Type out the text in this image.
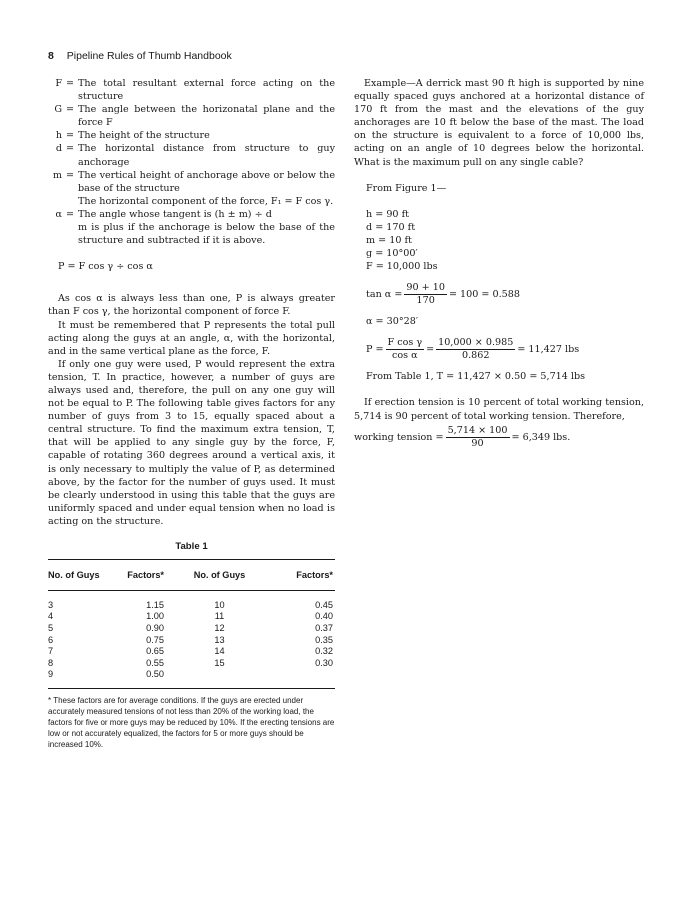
8 Pipeline Rules of Thumb Handbook
F = The total resultant external force acting on the structure
G = The angle between the horizonatal plane and the force F
h = The height of the structure
d = The horizontal distance from structure to guy anchorage
m = The vertical height of anchorage above or below the base of the structure
The horizontal component of the force, F₁ = F cos γ.
α = The angle whose tangent is (h ± m) ÷ d
m is plus if the anchorage is below the base of the structure and subtracted if it is above.
P = F cos γ ÷ cos α

As cos α is always less than one, P is always greater than F cos γ, the horizontal component of force F.

It must be remembered that P represents the total pull acting along the guys at an angle, α, with the horizontal, and in the same vertical plane as the force, F.

If only one guy were used, P would represent the extra tension, T. In practice, however, a number of guys are always used and, therefore, the pull on any one guy will not be equal to P. The following table gives factors for any number of guys from 3 to 15, equally spaced about a central structure. To find the maximum extra tension, T, that will be applied to any single guy by the force, F, capable of rotating 360 degrees around a vertical axis, it is only necessary to multiply the value of P, as determined above, by the factor for the number of guys used. It must be clearly understood in using this table that the guys are uniformly spaced and under equal tension when no load is acting on the structure.

Table 1
No. of Guys	Factors*	No. of Guys	Factors*
3	1.15	10	0.45
4	1.00	11	0.40
5	0.90	12	0.37
6	0.75	13	0.35
7	0.65	14	0.32
8	0.55	15	0.30
9	0.50
* These factors are for average conditions. If the guys are erected under accurately measured tensions of not less than 20% of the working load, the factors for five or more guys may be reduced by 10%. If the erecting tensions are low or not accurately equalized, the factors for 5 or more guys should be increased 10%.

Example—A derrick mast 90 ft high is supported by nine equally spaced guys anchored at a horizontal distance of 170 ft from the mast and the elevations of the guy anchorages are 10 ft below the base of the mast. The load on the structure is equivalent to a force of 10,000 lbs, acting on an angle of 10 degrees below the horizontal. What is the maximum pull on any single cable?

From Figure 1—
h = 90 ft
d = 170 ft
m = 10 ft
g = 10°00′
F = 10,000 lbs
$\tan \alpha = \frac{90 + 10}{170} = 100 = 0.588$
α = 30°28′
$P = \frac{\text{F cos γ}}{\text{cos α}} = \frac{10,000 \times 0.985}{0.862} = 11,427$ lbs
From Table 1, T = 11,427 × 0.50 = 5,714 lbs

If erection tension is 10 percent of total working tension, 5,714 is 90 percent of total working tension. Therefore,

working tension = $\frac{5,714 \times 100}{90} = 6,349$ lbs.
